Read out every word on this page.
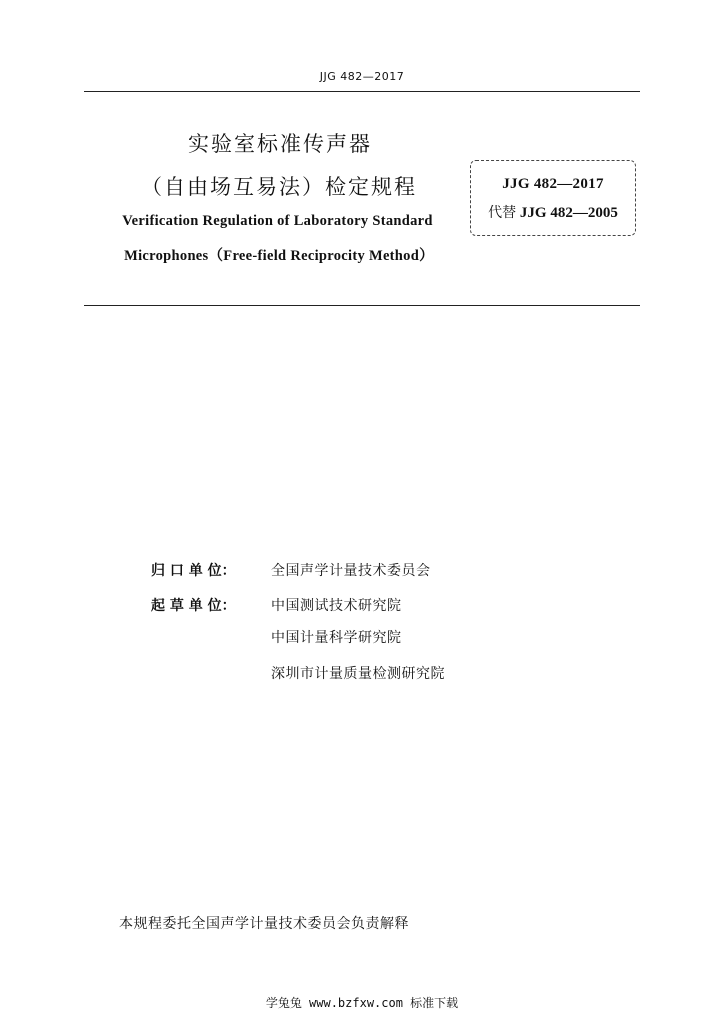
JJG 482—2017
实验室标准传声器
（自由场互易法）检定规程
Verification Regulation of Laboratory Standard
Microphones（Free-field Reciprocity Method）
JJG 482—2017
代替 JJG 482—2005
归 口 单 位：	全国声学计量技术委员会
起 草 单 位：	中国测试技术研究院
中国计量科学研究院
深圳市计量质量检测研究院
本规程委托全国声学计量技术委员会负责解释
学兔兔 www.bzfxw.com 标准下载
